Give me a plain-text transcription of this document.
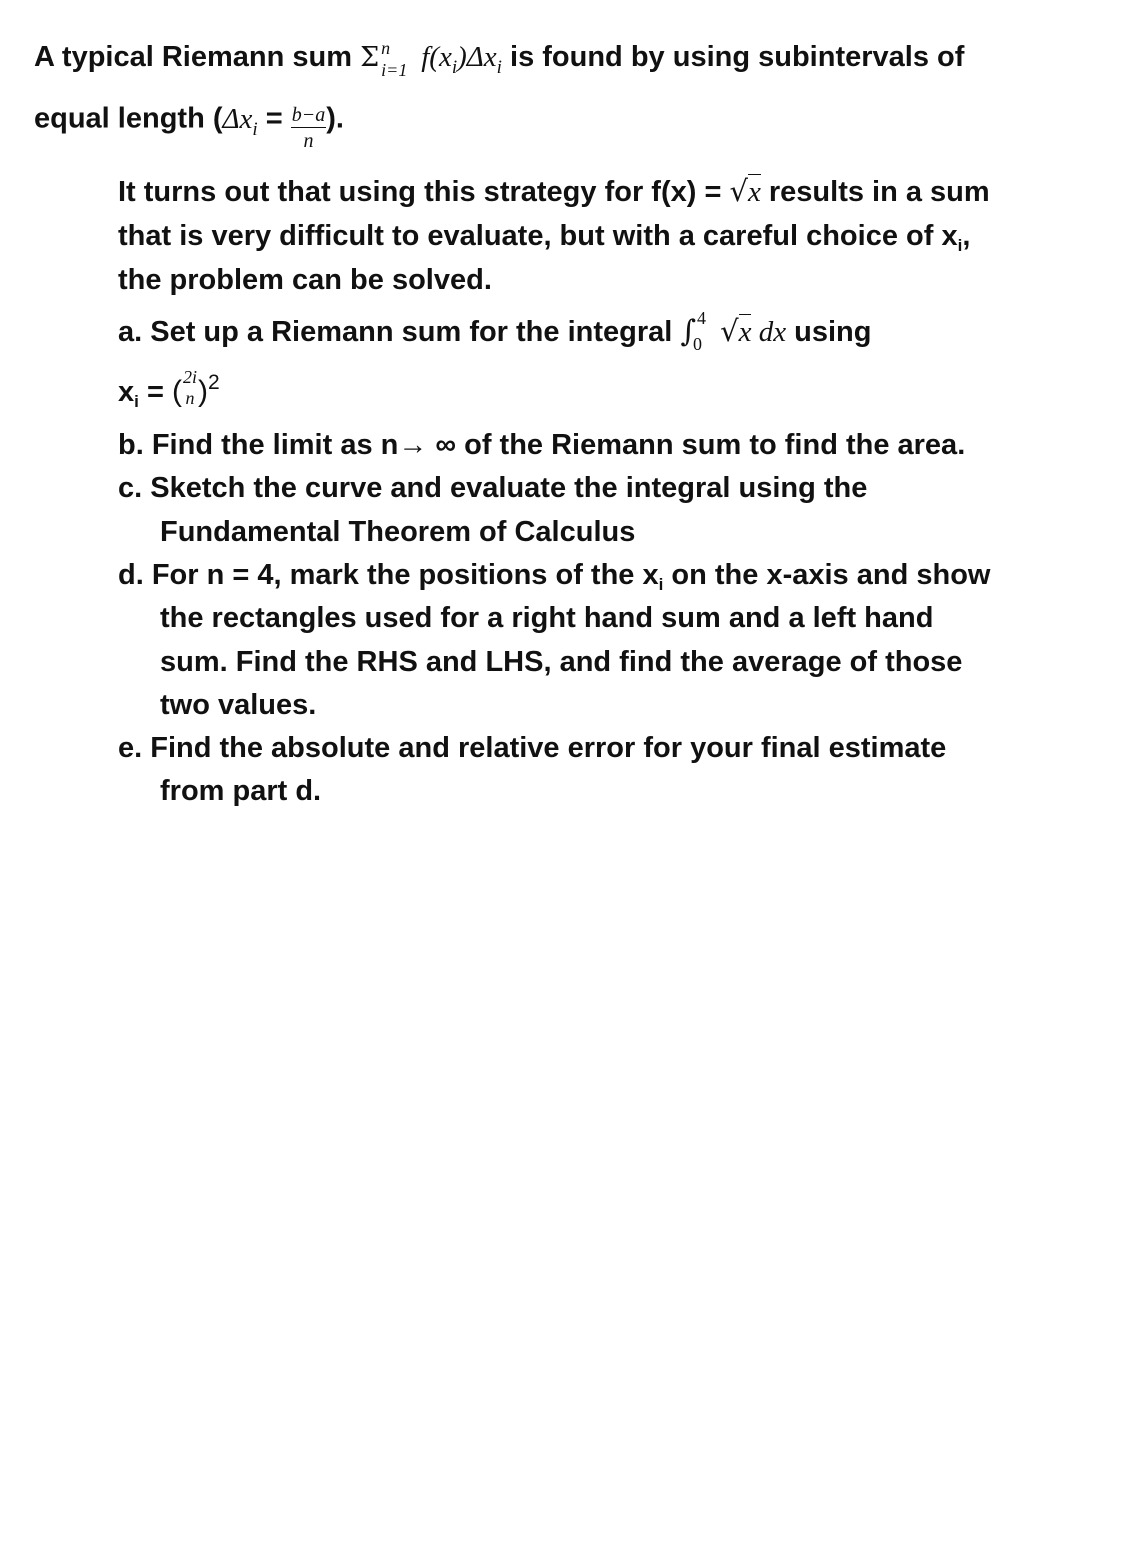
A typical Riemann sum Σ n
i=1 $f(x_i)\Delta x_i$ is found by using subintervals of
equal length ($\Delta x_i = \frac{b-a}{n}$ ).
It turns out that using this strategy for f(x) = √x results in a sum
that is very difficult to evaluate, but with a careful choice of $x_i$,
the problem can be solved.
a. Set up a Riemann sum for the integral ∫ 4
0 √x dx using
$x_i$ = ( 2i
n )$^2$
b. Find the limit as n→ ∞ of the Riemann sum to find the area.
c. Sketch the curve and evaluate the integral using the
Fundamental Theorem of Calculus
d. For n = 4, mark the positions of the $x_i$ on the x-axis and show
the rectangles used for a right hand sum and a left hand
sum. Find the RHS and LHS, and find the average of those
two values.
e. Find the absolute and relative error for your final estimate
from part d.
